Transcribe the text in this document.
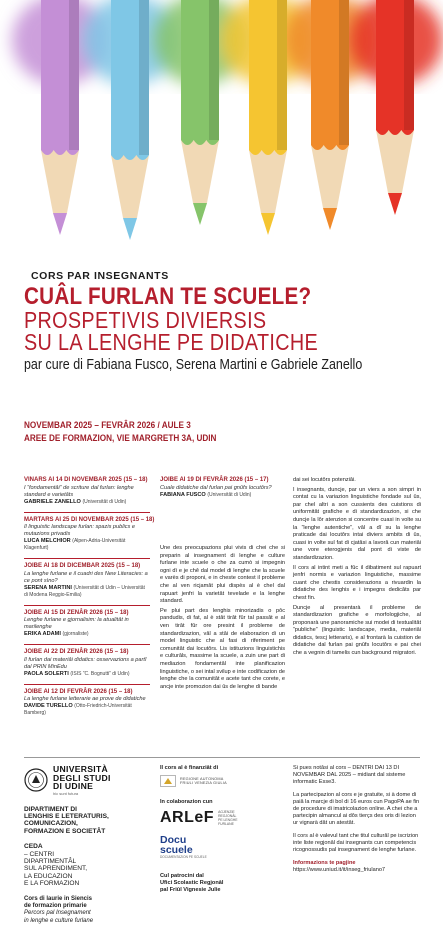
CORS PAR INSEGNANTS
CUÂL FURLAN TE SCUELE?
PROSPETIVIS DIVIERSIS
SU LA LENGHE PE DIDATICHE
par cure di Fabiana Fusco, Serena Martini e Gabriele Zanello
NOVEMBAR 2025 – FEVRÂR 2026 / AULE 3
AREE DE FORMAZION, VIE MARGRETH 3A, UDIN
VINARS AI 14 DI NOVEMBAR 2025 (15 – 18)
I “fondamentâi” de scriture dal furlan: lenghe standard e varietâts
GABRIELE ZANELLO (Universitât di Udin)
MARTARS AI 25 DI NOVEMBAR 2025 (15 – 18)
Il linguistic landscape furlan: spazis publics e mutazions privadis
LUCA MELCHIOR (Alpen-Adria-Universität Klagenfurt)
JOIBE AI 18 DI DICEMBAR 2025 (15 – 18)
La lenghe furlane e il cuadri des New Literacies: a ce pont sìno?
SERENA MARTINI (Universitât di Udin – Universitât di Modena Reggio-Emilia)
JOIBE AI 15 DI ZENÂR 2026 (15 – 18)
Lenghe furlane e gjornalisim: la atualitât in marilenghe
ERIKA ADAMI (gjornaliste)
JOIBE AI 22 DI ZENÂR 2026 (15 – 18)
Il furlan dai materiâi didatics: osservazions a partî dal PRIN MinEdu
PAOLA SOLERTI (ISIS “C. Bognutti” di Udin)
JOIBE AI 12 DI FEVRÂR 2026 (15 – 18)
La lenghe furlane letterarie ae prove de didatiche
DAVIDE TURELLO (Otto-Friedrich-Universität Bamberg)
JOIBE AI 19 DI FEVRÂR 2026 (15 – 17)
Cuale didatiche dal furlan pai gnûfs locutôrs?
FABIANA FUSCO (Universitât di Udin)

Une des preocupazions plui vivis di chei che si preparin al insegnament di lenghe e culture furlane inte scuele o che za cumò si impegnin ogni dì e je chê dal model di lenghe che la scuele e varès di proponi, e in cheste contest il probleme che al ven ricjamât plui dispès al è chel dal rapuart jenfri la varietât tevelade e la lenghe standard.

Pe plui part des lenghis minorizadis o pôc pandudis, di fat, al è stât tirât fûr tal passât e al ven tirât fûr ore presint il probleme de standardizazion, vâl a stâi de elaborazion di un model linguistic che al fasi di riferiment pe comunitât dai locutôrs. Lis istituzions linguistichis e culturâls, massime la scuele, a zuin une part di mediazion fondamentâl inte planificazion linguistiche, o sei intal svilup e inte codificazion de lenghe che la comunitât e acete tant che corete, e ancje inte promozion dai ûs de lenghe di bande

dai sei locutôrs potenziâi.

I insegnants, duncje, par un viers a son simpri in contat cu la variazion linguistiche fondade sul ûs, par chel altri a son cussients des cuistions di uniformitât grafiche e di standardizazion, si che duncje la lôr atenzion si concentre cuasi in volte su la “lenghe autentiche”, vâl a dî su la lenghe praticade dai locutôrs intai diviers ambits di ûs, cuasi in volte sul fat di cjatâsi a lavorâ cun materiâi une vore eterogjenis dal pont di viste de standardizazion.

Il cors al intint meti a fûc il dibatiment sul rapuart jenfri normis e variazion linguistiche, massime cuant che chestis considerazions a rivuardin la didatiche des lenghis e i impegns dedicâts par chest fin.

Duncje al presentarà il probleme de standardizazion grafiche e morfologjiche, al proponarà une panoramiche sui modei di testualitât “publiche” (linguistic landscape, media, materiâi didatics, tescj letteraris), e al frontarà la cuistion de didatiche dal furlan pai gnûfs locutôrs e pai chei che a vegnin di tamelis cun background migratori.

UNIVERSITÀ
DEGLI STUDI
DI UDINE
hic sunt futura
DIPARTIMENT DI
LENGHIS E LETERATURIS,
COMUNICAZION,
FORMAZION E SOCIETÂT
CEDA
– CENTRI
DIPARTIMENTÂL
SUL APRENDIMENT,
LA EDUCAZION
E LA FORMAZION
Cors di laurie in Siencis
de formazion primarie
Percors pal Insegnament
in lenghe e culture furlane
Il cors al è finanziât di
REGIONE AUTONOMA
FRIULI VENEZIA GIULIA
In colaborazion cun
ARLeF AGJENZIE
REGJONÂL
PE LENGHE
FURLANE
Docu
scuele
DOCUMENTAZION PE SCUELE
Cul patrocini dal
Ufici Scolastic Regjonâl
pal Friûl Vignesie Julie

Si pues notâsi al cors – DENTRI DAI 13 DI NOVEMBAR DAL 2025 – midiant dal sisteme informatic Esse3.

La partecipazion al cors e je gratuite, si à dome di paiâ la marcje di bol di 16 euros cun PagoPA ae fin de procedure di imatricolazion online. A chei che a partecipin almancul ai dôs tierçs des oris di lezion ur vignarà dât un atestât.

Il cors al è valevul tant che titul culturâl pe iscrizion inte liste regjonâl dai insegnants cun competencis ricognossudis pal insegnament de lenghe furlane.

Informazions te pagjine
https://www.uniud.it/it/inseg_friulano7
